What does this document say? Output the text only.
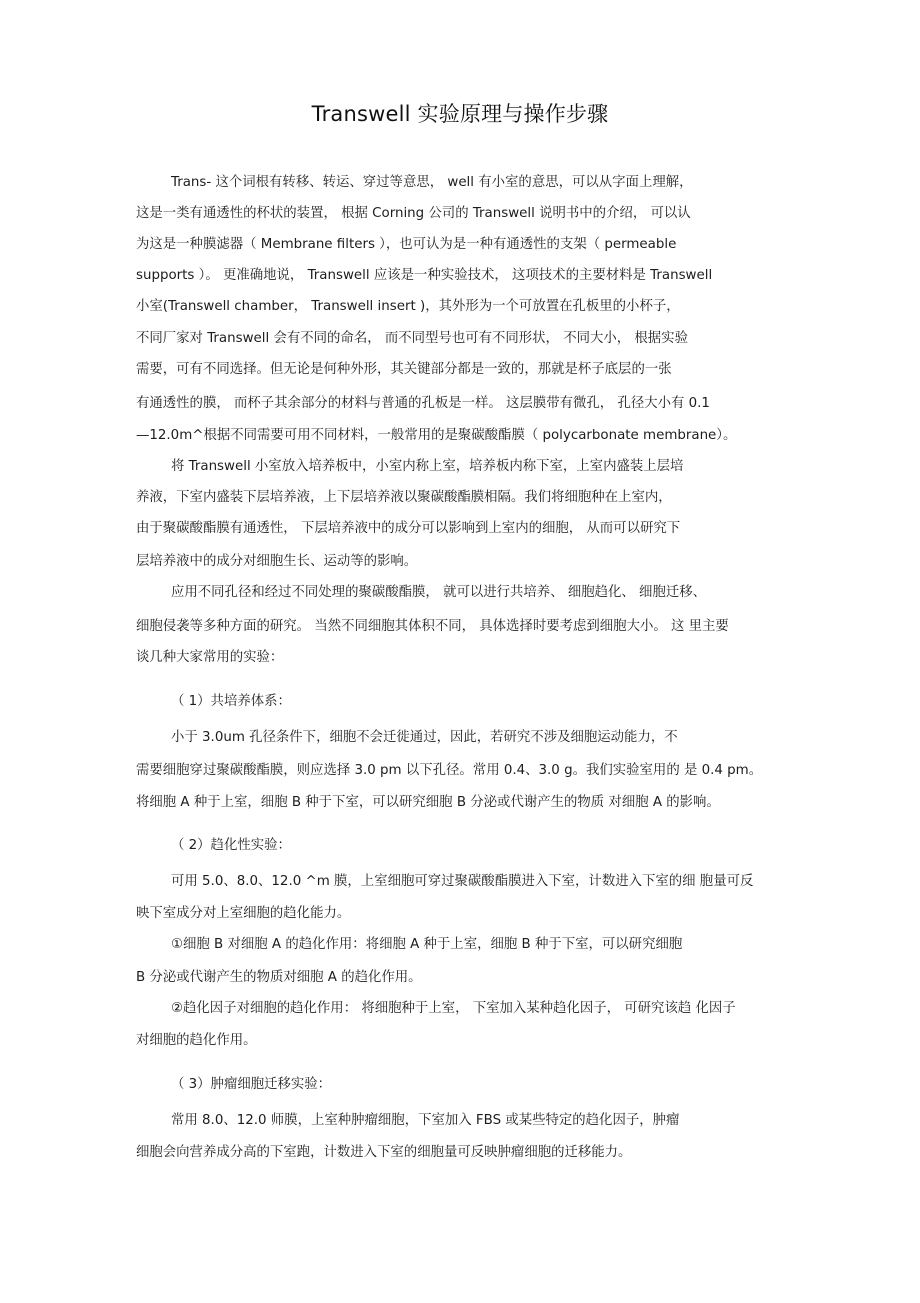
Transwell 实验原理与操作步骤
Trans- 这个词根有转移、转运、穿过等意思， well 有小室的意思，可以从字面上理解，
这是一类有通透性的杯状的装置， 根据 Corning 公司的 Transwell 说明书中的介绍， 可以认
为这是一种膜滤器（ Membrane filters ），也可认为是一种有通透性的支架（ permeable
supports ）。 更准确地说， Transwell 应该是一种实验技术， 这项技术的主要材料是 Transwell
小室(Transwell chamber， Transwell insert )，其外形为一个可放置在孔板里的小杯子，
不同厂家对 Transwell 会有不同的命名， 而不同型号也可有不同形状， 不同大小， 根据实验
需要，可有不同选择。但无论是何种外形，其关键部分都是一致的，那就是杯子底层的一张
有通透性的膜， 而杯子其余部分的材料与普通的孔板是一样。 这层膜带有微孔， 孔径大小有 0.1
—12.0m^根据不同需要可用不同材料，一般常用的是聚碳酸酯膜（ polycarbonate membrane）。
将 Transwell 小室放入培养板中，小室内称上室，培养板内称下室，上室内盛装上层培
养液，下室内盛装下层培养液，上下层培养液以聚碳酸酯膜相隔。我们将细胞种在上室内，
由于聚碳酸酯膜有通透性， 下层培养液中的成分可以影响到上室内的细胞， 从而可以研究下
层培养液中的成分对细胞生长、运动等的影响。
应用不同孔径和经过不同处理的聚碳酸酯膜， 就可以进行共培养、 细胞趋化、 细胞迁移、
细胞侵袭等多种方面的研究。 当然不同细胞其体积不同， 具体选择时要考虑到细胞大小。 这 里主要
谈几种大家常用的实验：
（ 1）共培养体系：
小于 3.0um 孔径条件下，细胞不会迁徙通过，因此，若研究不涉及细胞运动能力，不
需要细胞穿过聚碳酸酯膜，则应选择 3.0 pm 以下孔径。常用 0.4、3.0 g。我们实验室用的 是 0.4 pm。
将细胞 A 种于上室，细胞 B 种于下室，可以研究细胞 B 分泌或代谢产生的物质 对细胞 A 的影响。
（ 2）趋化性实验：
可用 5.0、8.0、12.0 ^m 膜，上室细胞可穿过聚碳酸酯膜进入下室，计数进入下室的细 胞量可反
映下室成分对上室细胞的趋化能力。
①细胞 B 对细胞 A 的趋化作用：将细胞 A 种于上室，细胞 B 种于下室，可以研究细胞
B 分泌或代谢产生的物质对细胞 A 的趋化作用。
②趋化因子对细胞的趋化作用： 将细胞种于上室， 下室加入某种趋化因子， 可研究该趋 化因子
对细胞的趋化作用。
（ 3）肿瘤细胞迁移实验：
常用 8.0、12.0 师膜，上室种肿瘤细胞，下室加入 FBS 或某些特定的趋化因子，肿瘤
细胞会向营养成分高的下室跑，计数进入下室的细胞量可反映肿瘤细胞的迁移能力。
